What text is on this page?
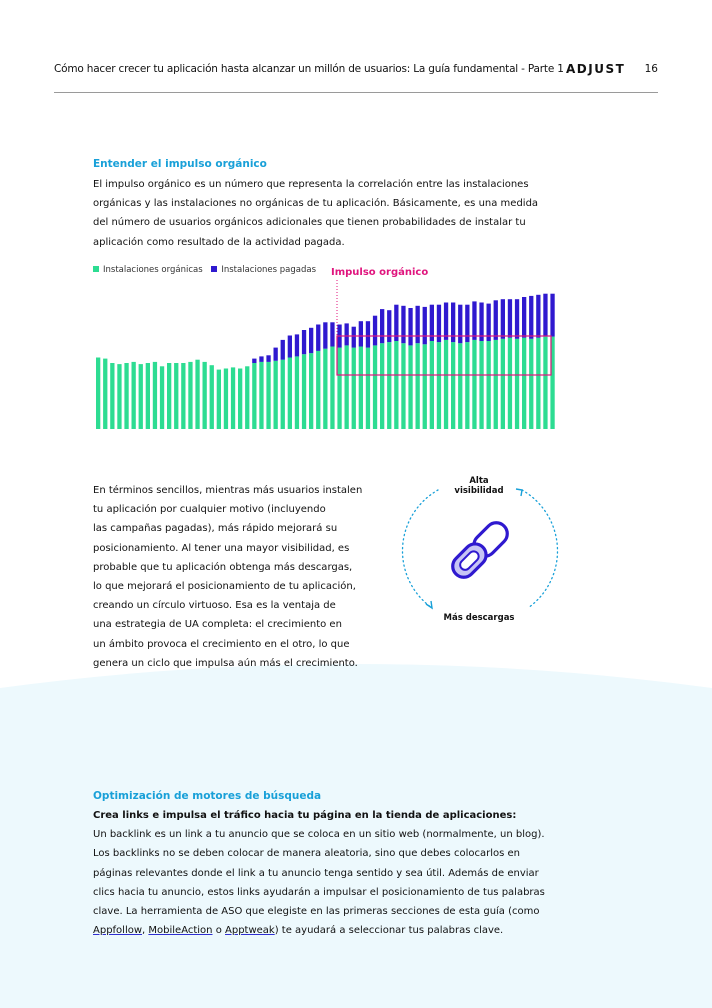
Cómo hacer crecer tu aplicación hasta alcanzar un millón de usuarios: La guía fundamental - Parte 1 ADJUST 16
Entender el impulso orgánico
El impulso orgánico es un número que representa la correlación entre las instalaciones
orgánicas y las instalaciones no orgánicas de tu aplicación. Básicamente, es una medida
del número de usuarios orgánicos adicionales que tienen probabilidades de instalar tu
aplicación como resultado de la actividad pagada.
Impulso orgánico
Instalaciones orgánicas Instalaciones pagadas
En términos sencillos, mientras más usuarios instalen
tu aplicación por cualquier motivo (incluyendo
las campañas pagadas), más rápido mejorará su
posicionamiento. Al tener una mayor visibilidad, es
probable que tu aplicación obtenga más descargas,
lo que mejorará el posicionamiento de tu aplicación,
creando un círculo virtuoso. Esa es la ventaja de
una estrategia de UA completa: el crecimiento en
un ámbito provoca el crecimiento en el otro, lo que
genera un ciclo que impulsa aún más el crecimiento.
Alta
visibilidad
Más descargas
Optimización de motores de búsqueda
Crea links e impulsa el tráfico hacia tu página en la tienda de aplicaciones:
Un backlink es un link a tu anuncio que se coloca en un sitio web (normalmente, un blog).
Los backlinks no se deben colocar de manera aleatoria, sino que debes colocarlos en
páginas relevantes donde el link a tu anuncio tenga sentido y sea útil. Además de enviar
clics hacia tu anuncio, estos links ayudarán a impulsar el posicionamiento de tus palabras
clave. La herramienta de ASO que elegiste en las primeras secciones de esta guía (como
Appfollow, MobileAction o Apptweak) te ayudará a seleccionar tus palabras clave.
